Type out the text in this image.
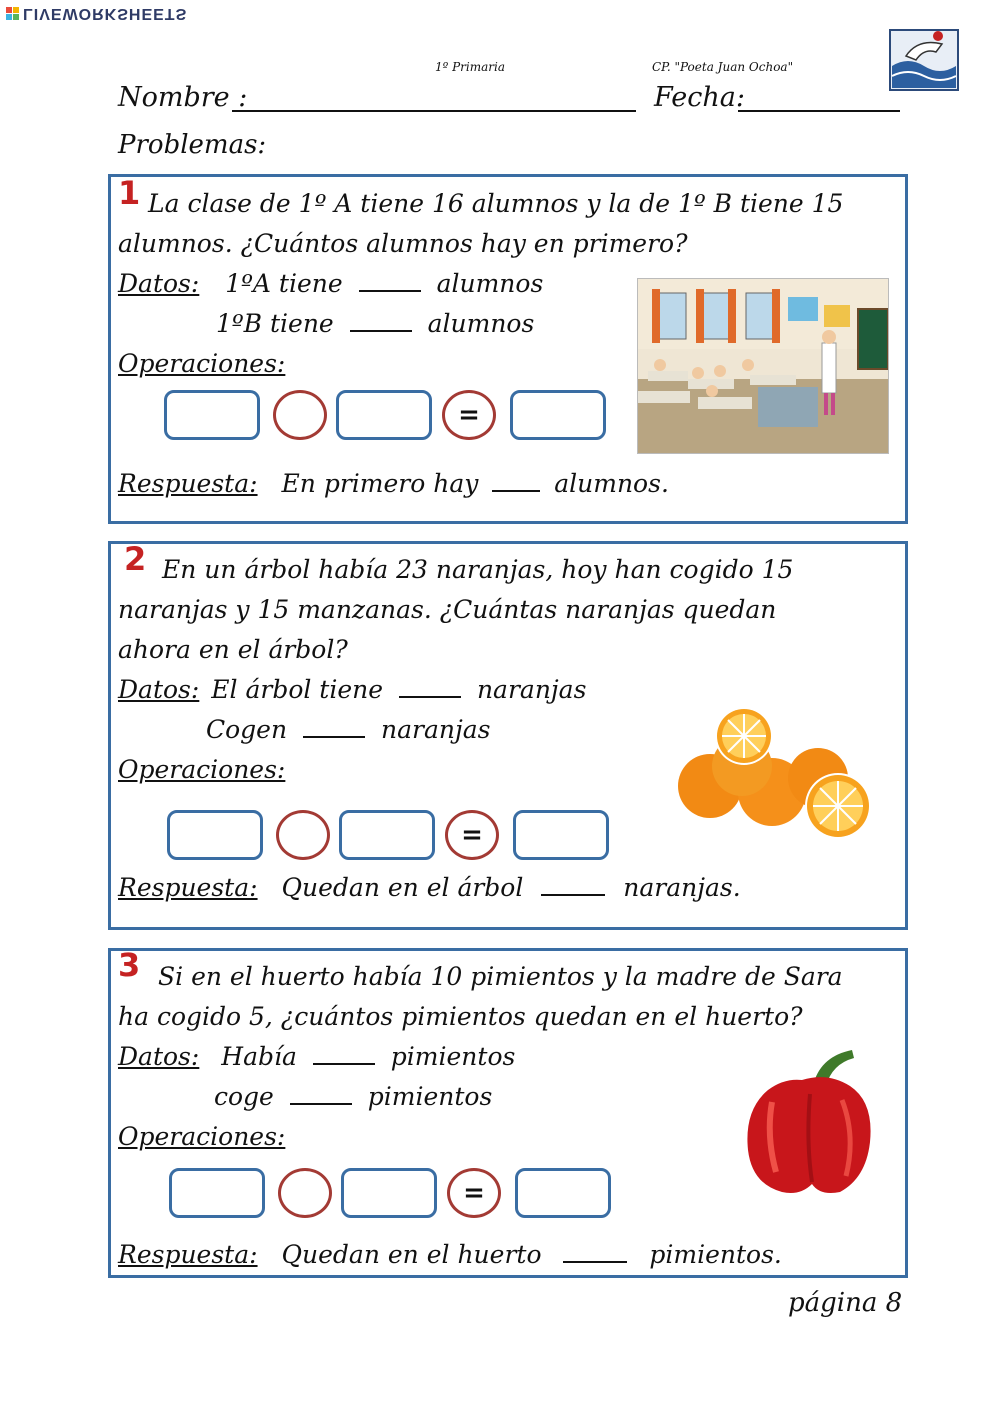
LIVEWORKSHEETS
1º Primaria	CP. "Poeta Juan Ochoa"
Nombre :	Fecha:
Problemas:
1 La clase de 1º A tiene 16 alumnos y la de 1º B tiene 15
alumnos. ¿Cuántos alumnos hay en primero?
Datos: 1ºA tiene	alumnos
1ºB tiene	alumnos
Operaciones:
=
Respuesta: En primero hay	alumnos.
2 En un árbol había 23 naranjas, hoy han cogido 15
naranjas y 15 manzanas. ¿Cuántas naranjas quedan
ahora en el árbol?
Datos: El árbol tiene	naranjas
Cogen	naranjas
Operaciones:
=
Respuesta: Quedan en el árbol	naranjas.
3 Si en el huerto había 10 pimientos y la madre de Sara
ha cogido 5, ¿cuántos pimientos quedan en el huerto?
Datos: Había	pimientos
coge	pimientos
Operaciones:
=
Respuesta: Quedan en el huerto	pimientos.
página 8
